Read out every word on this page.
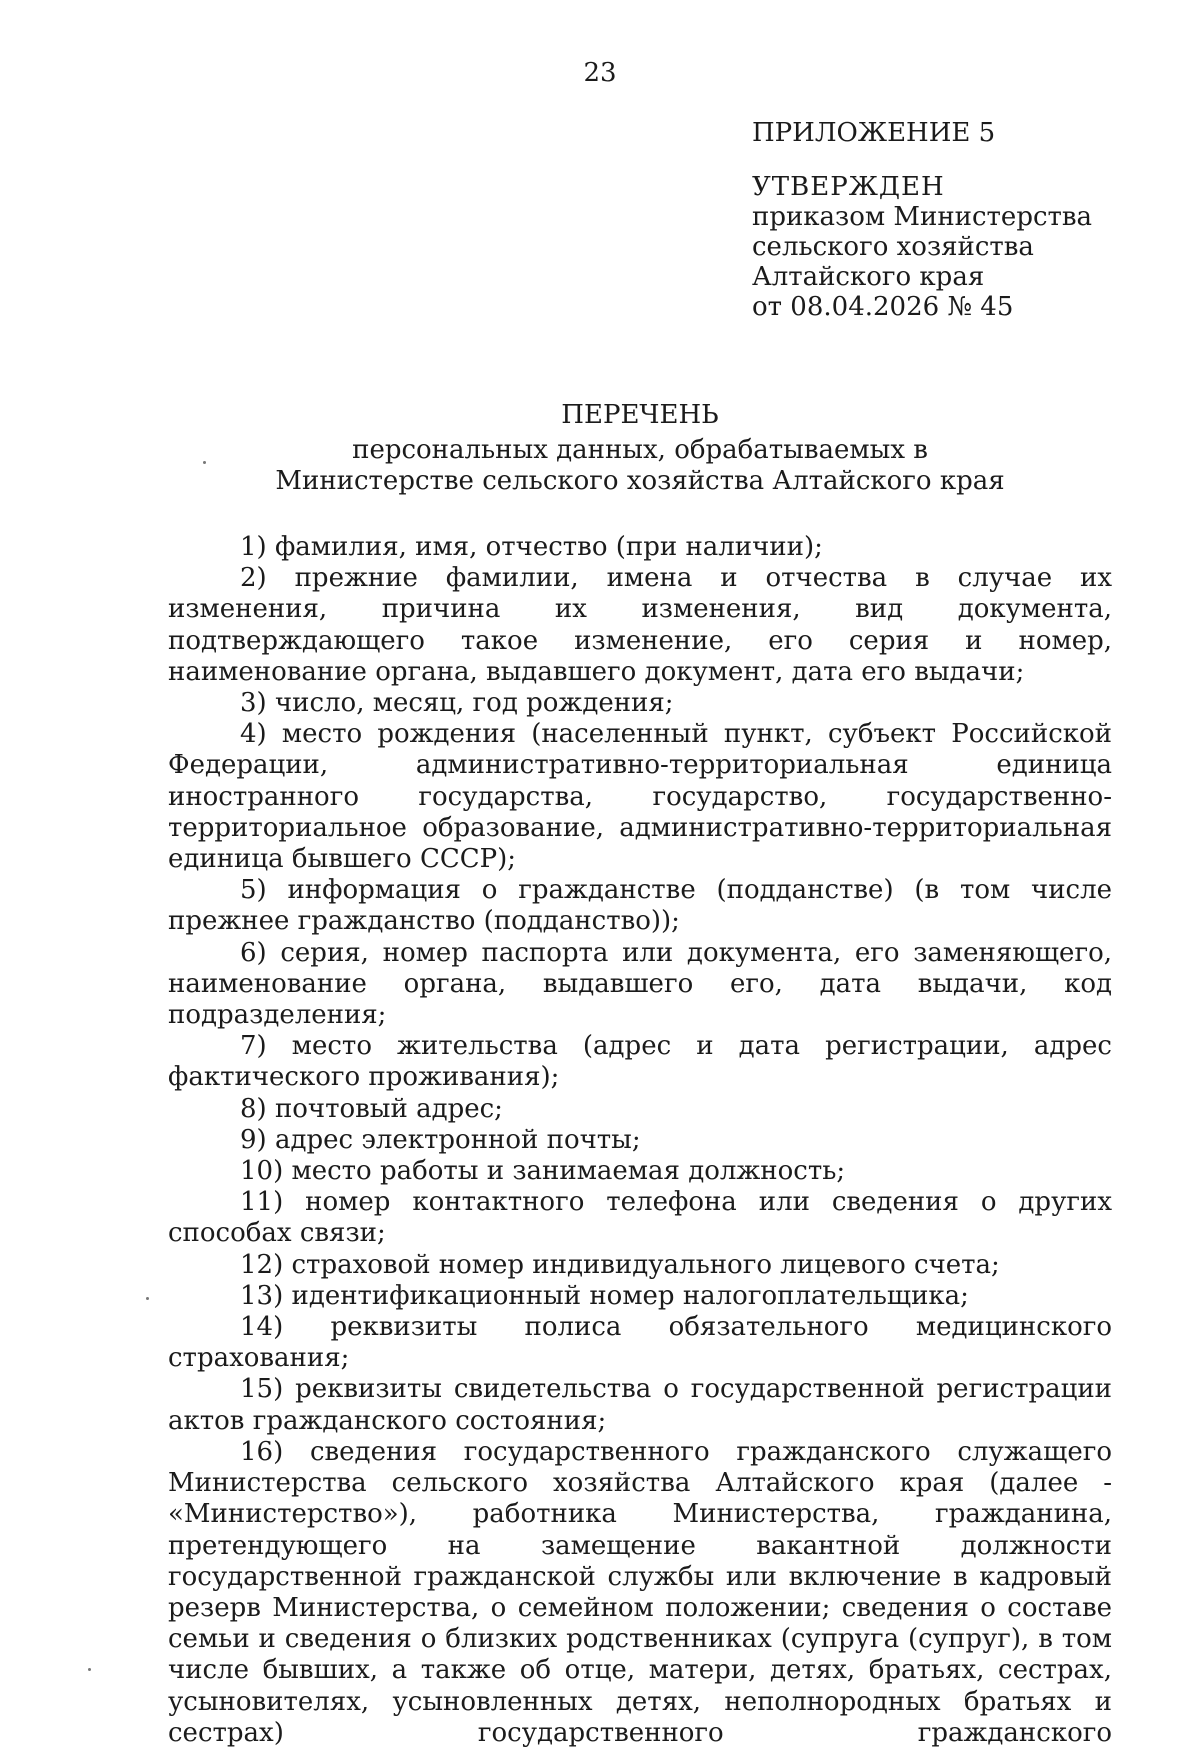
23

ПРИЛОЖЕНИЕ 5

УТВЕРЖДЕН

приказом Министерства

сельского хозяйства

Алтайского края

от 08.04.2026 № 45

ПЕРЕЧЕНЬ

персональных данных, обрабатываемых в

Министерстве сельского хозяйства Алтайского края

1) фамилия, имя, отчество (при наличии);

2) прежние фамилии, имена и отчества в случае их изменения, причина их изменения, вид документа, подтверждающего такое изменение, его серия и номер, наименование органа, выдавшего документ, дата его выдачи;

3) число, месяц, год рождения;

4) место рождения (населенный пункт, субъект Российской Федерации, административно-территориальная единица иностранного государства, государство, государственно-территориальное образование, административно-территориальная единица бывшего СССР);

5) информация о гражданстве (подданстве) (в том числе прежнее гражданство (подданство));

6) серия, номер паспорта или документа, его заменяющего, наименование органа, выдавшего его, дата выдачи, код подразделения;

7) место жительства (адрес и дата регистрации, адрес фактического проживания);

8) почтовый адрес;

9) адрес электронной почты;

10) место работы и занимаемая должность;

11) номер контактного телефона или сведения о других способах связи;

12) страховой номер индивидуального лицевого счета;

13) идентификационный номер налогоплательщика;

14) реквизиты полиса обязательного медицинского страхования;

15) реквизиты свидетельства о государственной регистрации актов гражданского состояния;

16) сведения государственного гражданского служащего Министерства сельского хозяйства Алтайского края (далее - «Министерство»), работника Министерства, гражданина, претендующего на замещение вакантной должности государственной гражданской службы или включение в кадровый резерв Министерства, о семейном положении; сведения о составе семьи и сведения о близких родственниках (супруга (супруг), в том числе бывших, а также об отце, матери, детях, братьях, сестрах, усыновителях, усыновленных детях, неполнородных братьях и сестрах) государственного гражданского
